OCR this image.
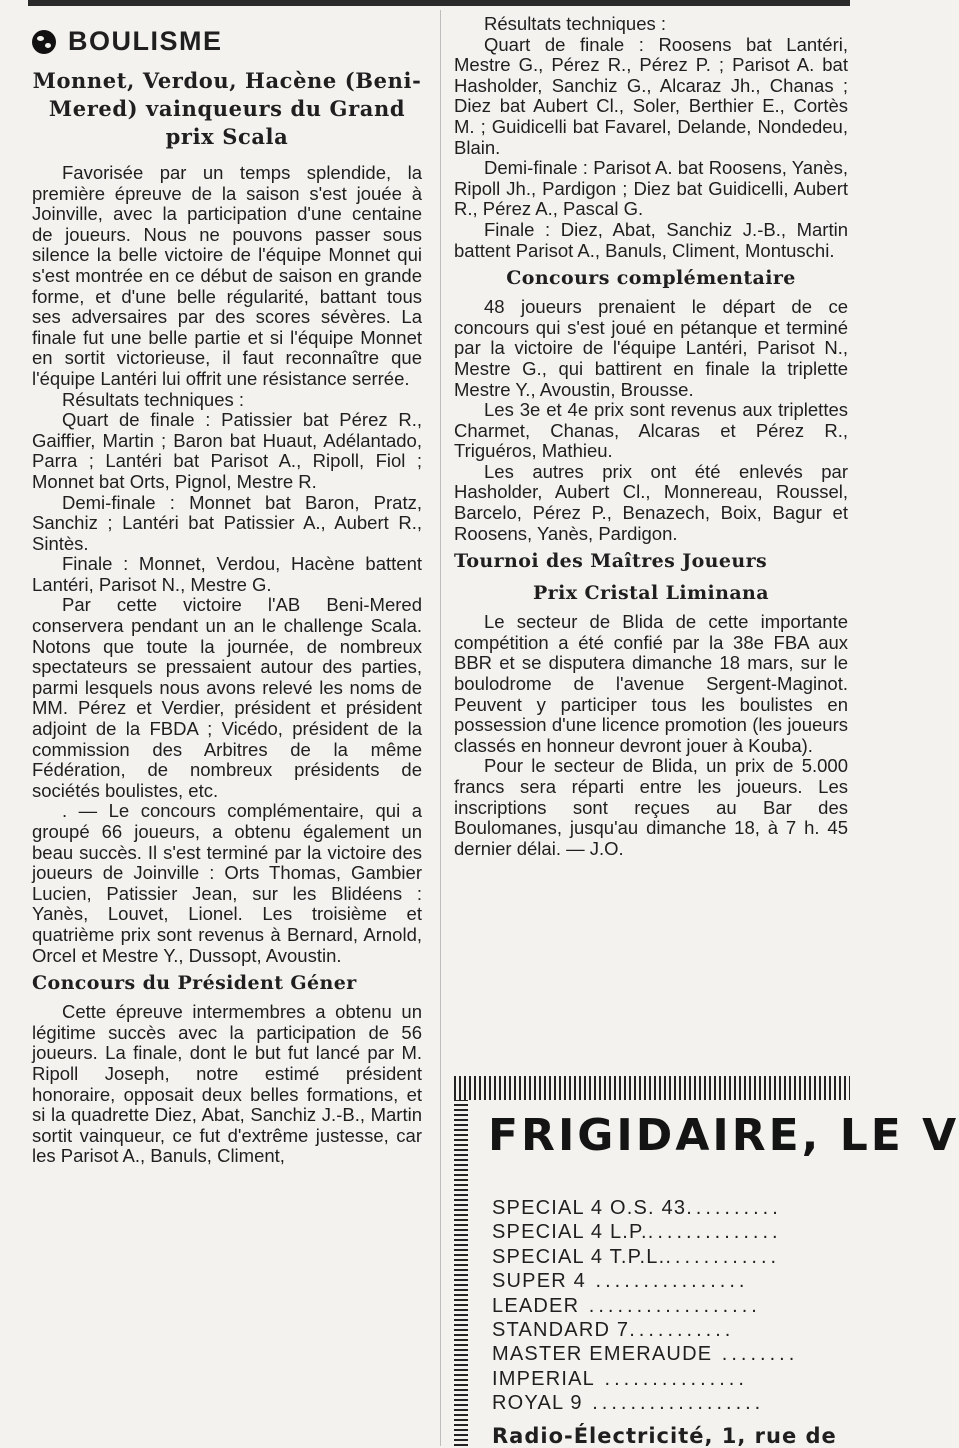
BOULISME
Monnet, Verdou, Hacène (Beni-Mered) vainqueurs du Grand prix Scala

Favorisée par un temps splendide, la première épreuve de la saison s'est jouée à Joinville, avec la participation d'une centaine de joueurs. Nous ne pouvons passer sous silence la belle victoire de l'équipe Monnet qui s'est montrée en ce début de saison en grande forme, et d'une belle régularité, battant tous ses adversaires par des scores sévères. La finale fut une belle partie et si l'équipe Monnet en sortit victorieuse, il faut reconnaître que l'équipe Lantéri lui offrit une résistance serrée.

Résultats techniques :

Quart de finale : Patissier bat Pérez R., Gaiffier, Martin ; Baron bat Huaut, Adélantado, Parra ; Lantéri bat Parisot A., Ripoll, Fiol ; Monnet bat Orts, Pignol, Mestre R.

Demi-finale : Monnet bat Baron, Pratz, Sanchiz ; Lantéri bat Patissier A., Aubert R., Sintès.

Finale : Monnet, Verdou, Hacène battent Lantéri, Parisot N., Mestre G.

Par cette victoire l'AB Beni-Mered conservera pendant un an le challenge Scala. Notons que toute la journée, de nombreux spectateurs se pressaient autour des parties, parmi lesquels nous avons relevé les noms de MM. Pérez et Verdier, président et président adjoint de la FBDA ; Vicédo, président de la commission des Arbitres de la même Fédération, de nombreux présidents de sociétés boulistes, etc.

. — Le concours complémentaire, qui a groupé 66 joueurs, a obtenu également un beau succès. Il s'est terminé par la victoire des joueurs de Joinville : Orts Thomas, Gambier Lucien, Patissier Jean, sur les Blidéens : Yanès, Louvet, Lionel. Les troisième et quatrième prix sont revenus à Bernard, Arnold, Orcel et Mestre Y., Dussopt, Avoustin.

Concours du Président Géner

Cette épreuve intermembres a obtenu un légitime succès avec la participation de 56 joueurs. La finale, dont le but fut lancé par M. Ripoll Joseph, notre estimé président honoraire, opposait deux belles formations, et si la quadrette Diez, Abat, Sanchiz J.-B., Martin sortit vainqueur, ce fut d'extrême justesse, car les Parisot A., Banuls, Climent,

Résultats techniques :

Quart de finale : Roosens bat Lantéri, Mestre G., Pérez R., Pérez P. ; Parisot A. bat Hasholder, Sanchiz G., Alcaraz Jh., Chanas ; Diez bat Aubert Cl., Soler, Berthier E., Cortès M. ; Guidicelli bat Favarel, Delande, Nondedeu, Blain.

Demi-finale : Parisot A. bat Roosens, Yanès, Ripoll Jh., Pardigon ; Diez bat Guidicelli, Aubert R., Pérez A., Pascal G.

Finale : Diez, Abat, Sanchiz J.-B., Martin battent Parisot A., Banuls, Climent, Montuschi.

Concours complémentaire

48 joueurs prenaient le départ de ce concours qui s'est joué en pétanque et terminé par la victoire de l'équipe Lantéri, Parisot N., Mestre G., qui battirent en finale la triplette Mestre Y., Avoustin, Brousse.

Les 3e et 4e prix sont revenus aux triplettes Charmet, Chanas, Alcaras et Pérez R., Triguéros, Mathieu.

Les autres prix ont été enlevés par Hasholder, Aubert Cl., Monnereau, Roussel, Barcelo, Pérez P., Benazech, Boix, Bagur et Roosens, Yanès, Pardigon.

Tournoi des Maîtres Joueurs
Prix Cristal Liminana

Le secteur de Blida de cette importante compétition a été confié par la 38e FBA aux BBR et se disputera dimanche 18 mars, sur le boulodrome de l'avenue Sergent-Maginot. Peuvent y participer tous les boulistes en possession d'une licence promotion (les joueurs classés en honneur devront jouer à Kouba).

Pour le secteur de Blida, un prix de 5.000 francs sera réparti entre les joueurs. Les inscriptions sont reçues au Bar des Boulomanes, jusqu'au dimanche 18, à 7 h. 45 dernier délai. — J.O.

FRIGIDAIRE, LE V
SPECIAL 4 O.S. 43..........
SPECIAL 4 L.P...............
SPECIAL 4 T.P.L.............
SUPER 4 ................
LEADER ..................
STANDARD 7...........
MASTER EMERAUDE ........
IMPERIAL ...............
ROYAL 9 ..................
Radio-Électricité, 1, rue de
